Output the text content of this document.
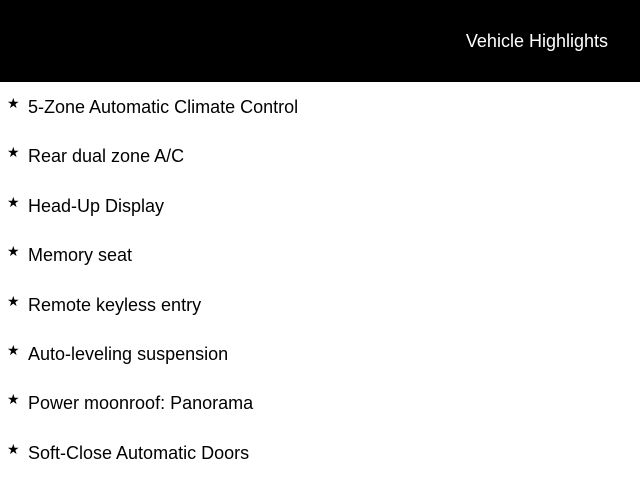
Vehicle Highlights
★ 5-Zone Automatic Climate Control
★ Rear dual zone A/C
★ Head-Up Display
★ Memory seat
★ Remote keyless entry
★ Auto-leveling suspension
★ Power moonroof: Panorama
★ Soft-Close Automatic Doors
